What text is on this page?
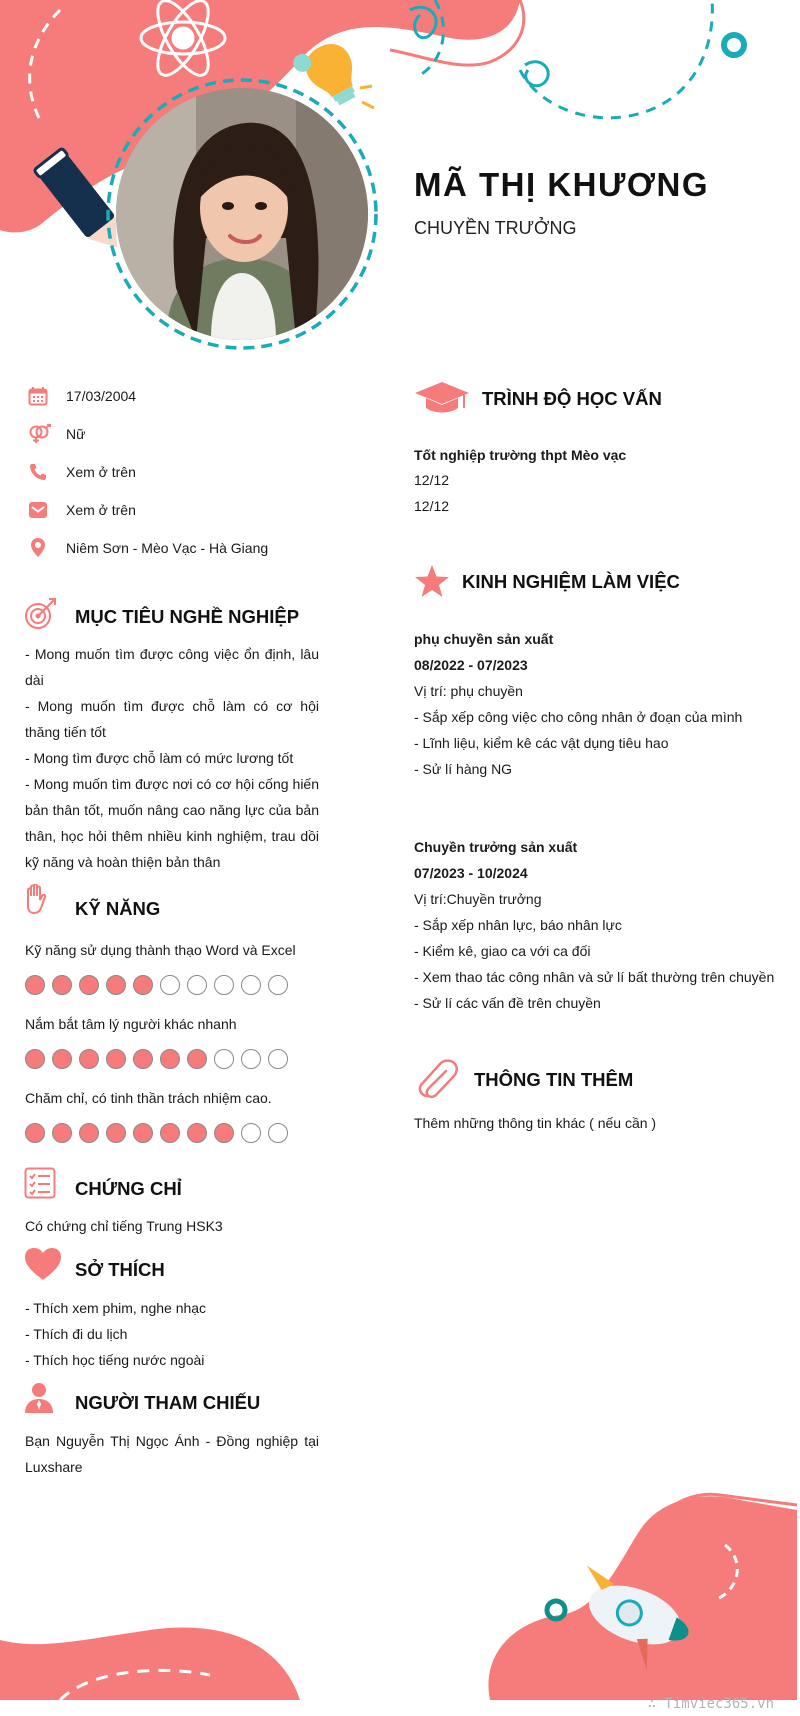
MÃ THỊ KHƯƠNG
CHUYỀN TRƯỞNG
17/03/2004
Nữ
Xem ở trên
Xem ở trên
Niêm Sơn - Mèo Vạc - Hà Giang
MỤC TIÊU NGHỀ NGHIỆP
- Mong muốn tìm được công việc ổn định, lâu dài
- Mong muốn tìm được chỗ làm có cơ hội thăng tiến tốt
- Mong tìm được chỗ làm có mức lương tốt
- Mong muốn tìm được nơi có cơ hội cống hiến bản thân tốt, muốn nâng cao năng lực của bản thân, học hỏi thêm nhiều kinh nghiệm, trau dồi kỹ năng và hoàn thiện bản thân
KỸ NĂNG
Kỹ năng sử dụng thành thạo Word và Excel
Nắm bắt tâm lý người khác nhanh
Chăm chỉ, có tinh thần trách nhiệm cao.
CHỨNG CHỈ
Có chứng chỉ tiếng Trung HSK3
SỞ THÍCH
- Thích xem phim, nghe nhạc
- Thích đi du lịch
- Thích học tiếng nước ngoài
NGƯỜI THAM CHIẾU
Bạn Nguyễn Thị Ngọc Ánh - Đồng nghiệp tại Luxshare
TRÌNH ĐỘ HỌC VẤN
Tốt nghiệp trường thpt Mèo vạc
12/12
12/12
KINH NGHIỆM LÀM VIỆC
phụ chuyền sản xuất
08/2022 - 07/2023
Vị trí: phụ chuyền
- Sắp xếp công việc cho công nhân ở đoạn của mình
- Lĩnh liệu, kiểm kê các vật dụng tiêu hao
- Sử lí hàng NG
Chuyền trưởng sản xuất
07/2023 - 10/2024
Vị trí:Chuyền trưởng
- Sắp xếp nhân lực, báo nhân lực
- Kiểm kê, giao ca với ca đối
- Xem thao tác công nhân và sử lí bất thường trên chuyền
- Sử lí các vấn đề trên chuyền
THÔNG TIN THÊM
Thêm những thông tin khác ( nếu cần )
∴ Timviec365.vn
